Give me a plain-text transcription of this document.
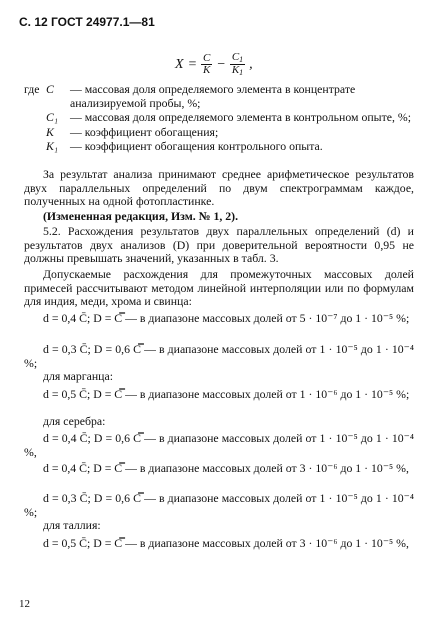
С. 12 ГОСТ 24977.1—81
$X = \frac{C}{K} - \frac{C_1}{K_1}$ ,
где C	— массовая доля определяемого элемента в концентрате анализируемой пробы, %;
C₁	— массовая доля определяемого элемента в контрольном опыте, %;
K	— коэффициент обогащения;
K₁	— коэффициент обогащения контрольного опыта.
За результат анализа принимают среднее арифметическое результатов двух параллельных определений по двум спектрограммам каждое, полученных на одной фотопластинке.
(Измененная редакция, Изм. № 1, 2).
5.2. Расхождения результатов двух параллельных определений (d) и результатов двух анализов (D) при доверительной вероятности 0,95 не должны превышать значений, указанных в табл. 3.
Допускаемые расхождения для промежуточных массовых долей примесей рассчитывают методом линейной интерполяции или по формулам для индия, меди, хрома и свинца:
d = 0,4 C̄; D = C̿ — в диапазоне массовых долей от 5 · 10⁻⁷ до 1 · 10⁻⁵ %;
d = 0,3 C̄; D = 0,6 C̿ — в диапазоне массовых долей от 1 · 10⁻⁵ до 1 · 10⁻⁴ %;
для марганца:
d = 0,5 C̄; D = C̿ — в диапазоне массовых долей от 1 · 10⁻⁶ до 1 · 10⁻⁵ %;
для серебра:
d = 0,4 C̄; D = 0,6 C̿ — в диапазоне массовых долей от 1 · 10⁻⁵ до 1 · 10⁻⁴ %,
d = 0,4 C̄; D = C̿ — в диапазоне массовых долей от 3 · 10⁻⁶ до 1 · 10⁻⁵ %,
d = 0,3 C̄; D = 0,6 C̿ — в диапазоне массовых долей от 1 · 10⁻⁵ до 1 · 10⁻⁴ %;
для таллия:
d = 0,5 C̄; D = C̿ — в диапазоне массовых долей от 3 · 10⁻⁶ до 1 · 10⁻⁵ %,
12
